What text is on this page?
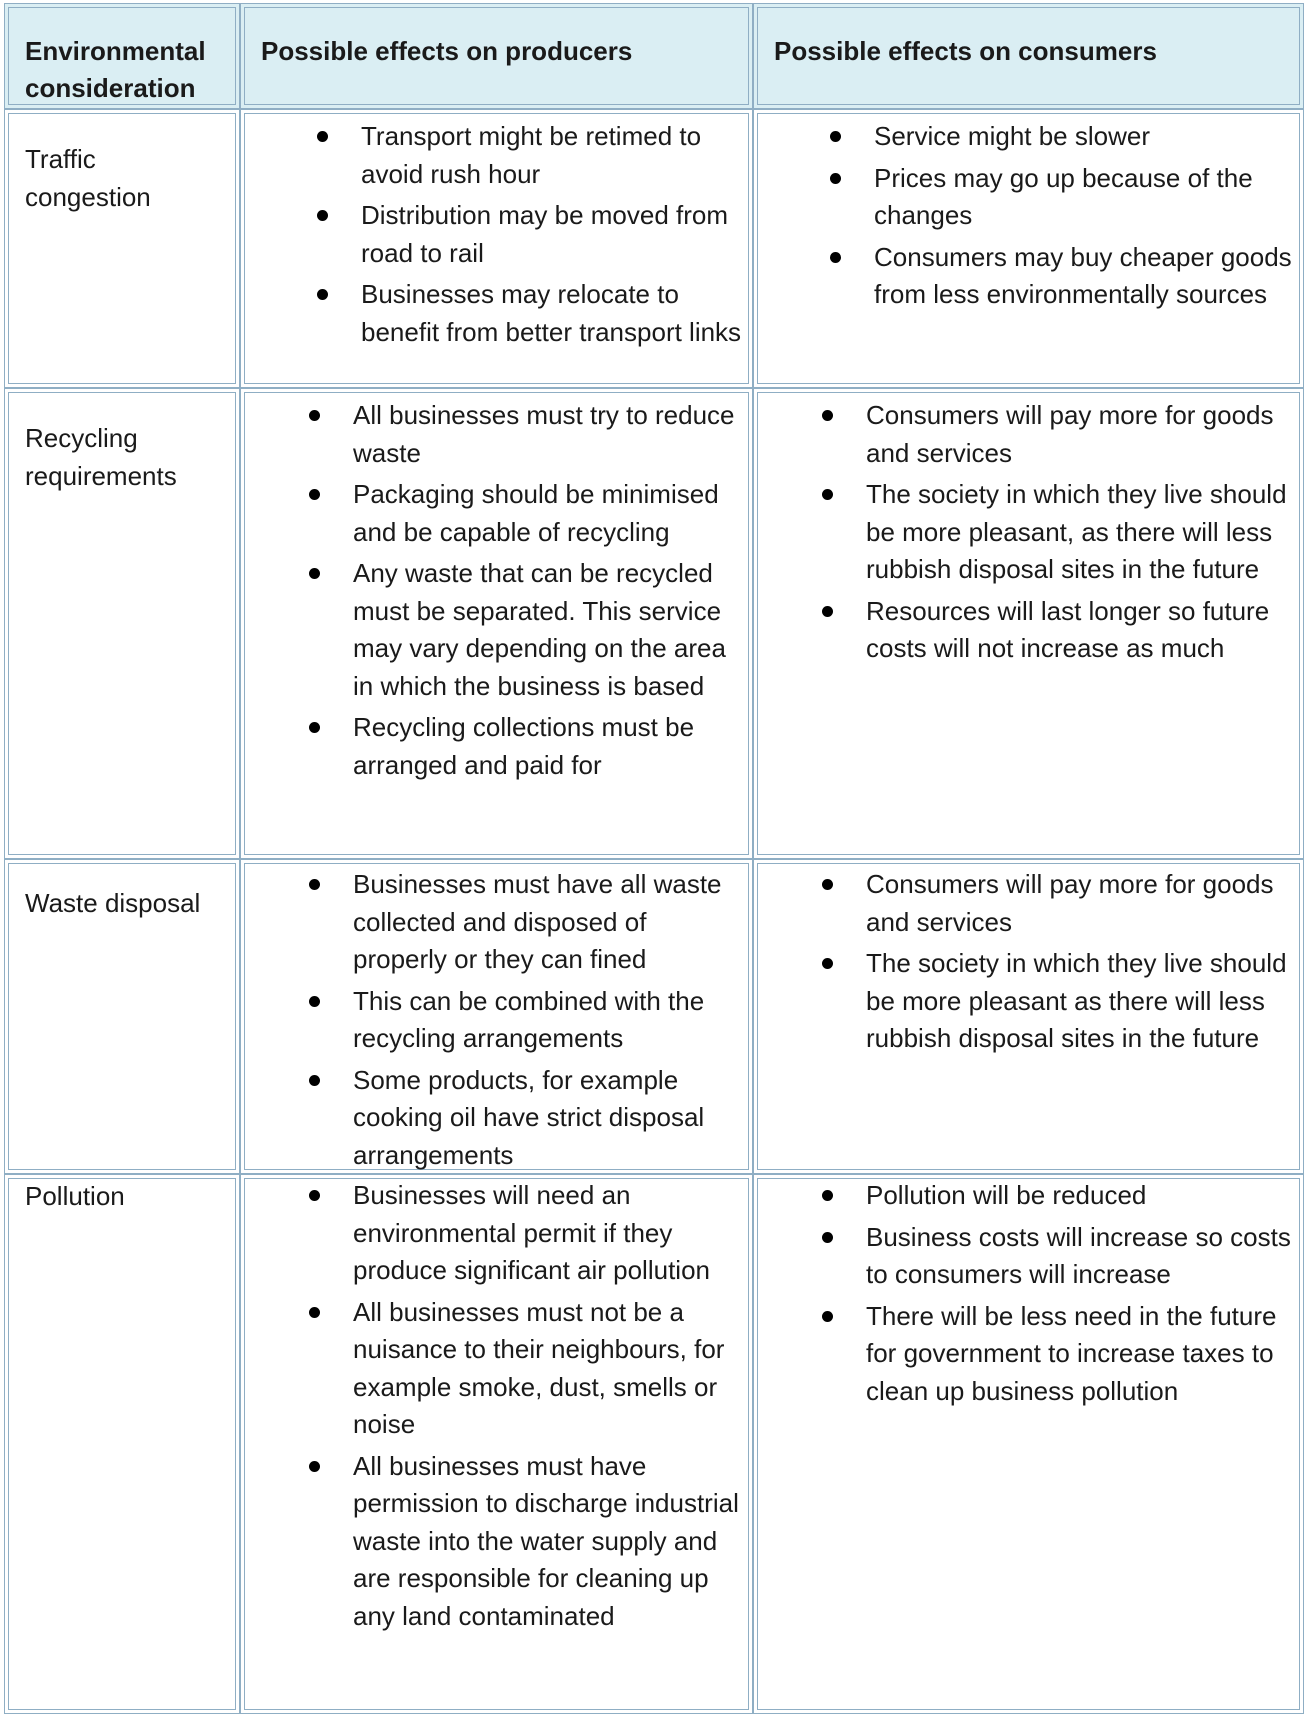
Environmental consideration
Possible effects on producers	Possible effects on consumers
Traffic congestion
Transport might be retimed to avoid rush hour
Distribution may be moved from road to rail
Businesses may relocate to benefit from better transport links
Service might be slower
Prices may go up because of the changes
Consumers may buy cheaper goods from less environmentally sources
Recycling requirements
All businesses must try to reduce waste
Packaging should be minimised and be capable of recycling
Any waste that can be recycled must be separated. This service may vary depending on the area in which the business is based
Recycling collections must be arranged and paid for
Consumers will pay more for goods and services
The society in which they live should be more pleasant, as there will less rubbish disposal sites in the future
Resources will last longer so future costs will not increase as much
Waste disposal
Businesses must have all waste collected and disposed of properly or they can fined
This can be combined with the recycling arrangements
Some products, for example cooking oil have strict disposal arrangements
Consumers will pay more for goods and services
The society in which they live should be more pleasant as there will less rubbish disposal sites in the future
Pollution	Businesses will need an environmental permit if they produce significant air pollution
All businesses must not be a nuisance to their neighbours, for example smoke, dust, smells or noise
All businesses must have permission to discharge industrial waste into the water supply and are responsible for cleaning up any land contaminated
Pollution will be reduced
Business costs will increase so costs to consumers will increase
There will be less need in the future for government to increase taxes to clean up business pollution
